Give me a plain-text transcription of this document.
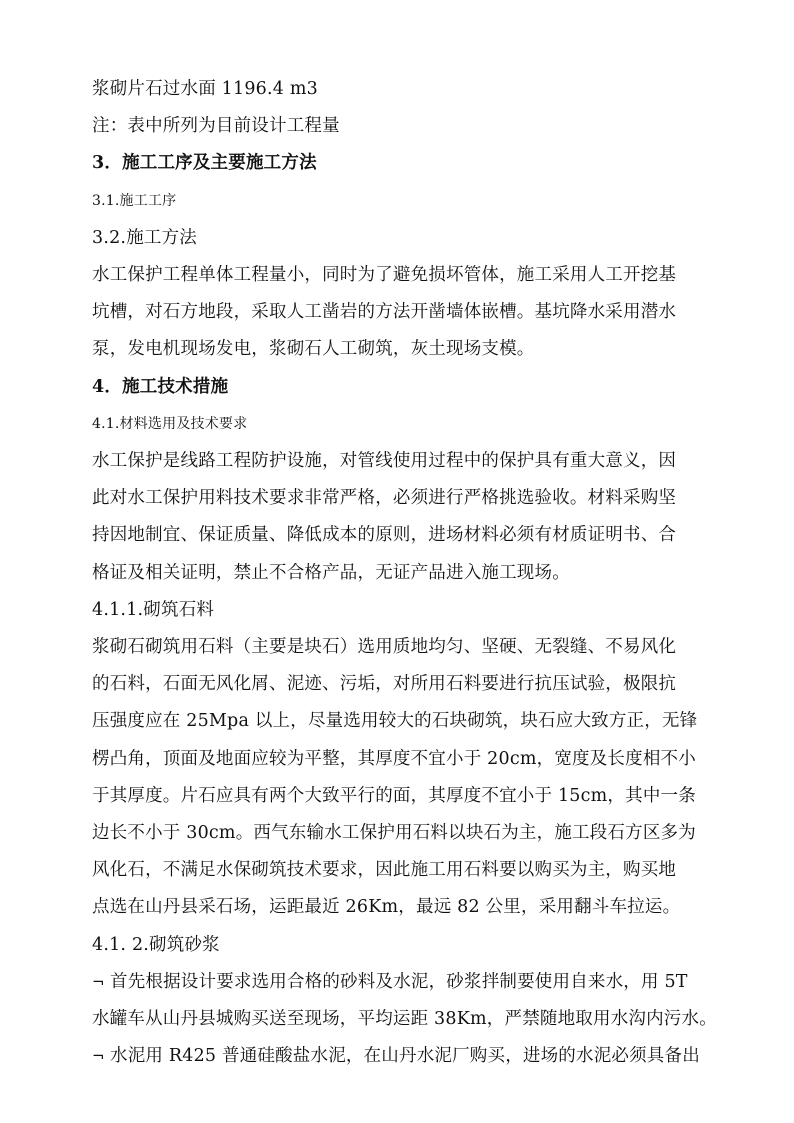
浆砌片石过水面 1196.4 m3
注：表中所列为目前设计工程量
3．施工工序及主要施工方法
3.1.施工工序
3.2.施工方法
水工保护工程单体工程量小，同时为了避免损坏管体，施工采用人工开挖基
坑槽，对石方地段，采取人工凿岩的方法开凿墙体嵌槽。基坑降水采用潜水
泵，发电机现场发电，浆砌石人工砌筑，灰土现场支模。
4．施工技术措施
4.1.材料选用及技术要求
水工保护是线路工程防护设施，对管线使用过程中的保护具有重大意义，因
此对水工保护用料技术要求非常严格，必须进行严格挑选验收。材料采购坚
持因地制宜、保证质量、降低成本的原则，进场材料必须有材质证明书、合
格证及相关证明，禁止不合格产品，无证产品进入施工现场。
4.1.1.砌筑石料
浆砌石砌筑用石料（主要是块石）选用质地均匀、坚硬、无裂缝、不易风化
的石料，石面无风化屑、泥迹、污垢，对所用石料要进行抗压试验，极限抗
压强度应在 25Mpa 以上，尽量选用较大的石块砌筑，块石应大致方正，无锋
楞凸角，顶面及地面应较为平整，其厚度不宜小于 20cm，宽度及长度相不小
于其厚度。片石应具有两个大致平行的面，其厚度不宜小于 15cm，其中一条
边长不小于 30cm。西气东输水工保护用石料以块石为主，施工段石方区多为
风化石，不满足水保砌筑技术要求，因此施工用石料要以购买为主，购买地
点选在山丹县采石场，运距最近 26Km，最远 82 公里，采用翻斗车拉运。
4.1. 2.砌筑砂浆
¬ 首先根据设计要求选用合格的砂料及水泥，砂浆拌制要使用自来水，用 5T
水罐车从山丹县城购买送至现场，平均运距 38Km，严禁随地取用水沟内污水。
¬ 水泥用 R425 普通硅酸盐水泥，在山丹水泥厂购买，进场的水泥必须具备出
